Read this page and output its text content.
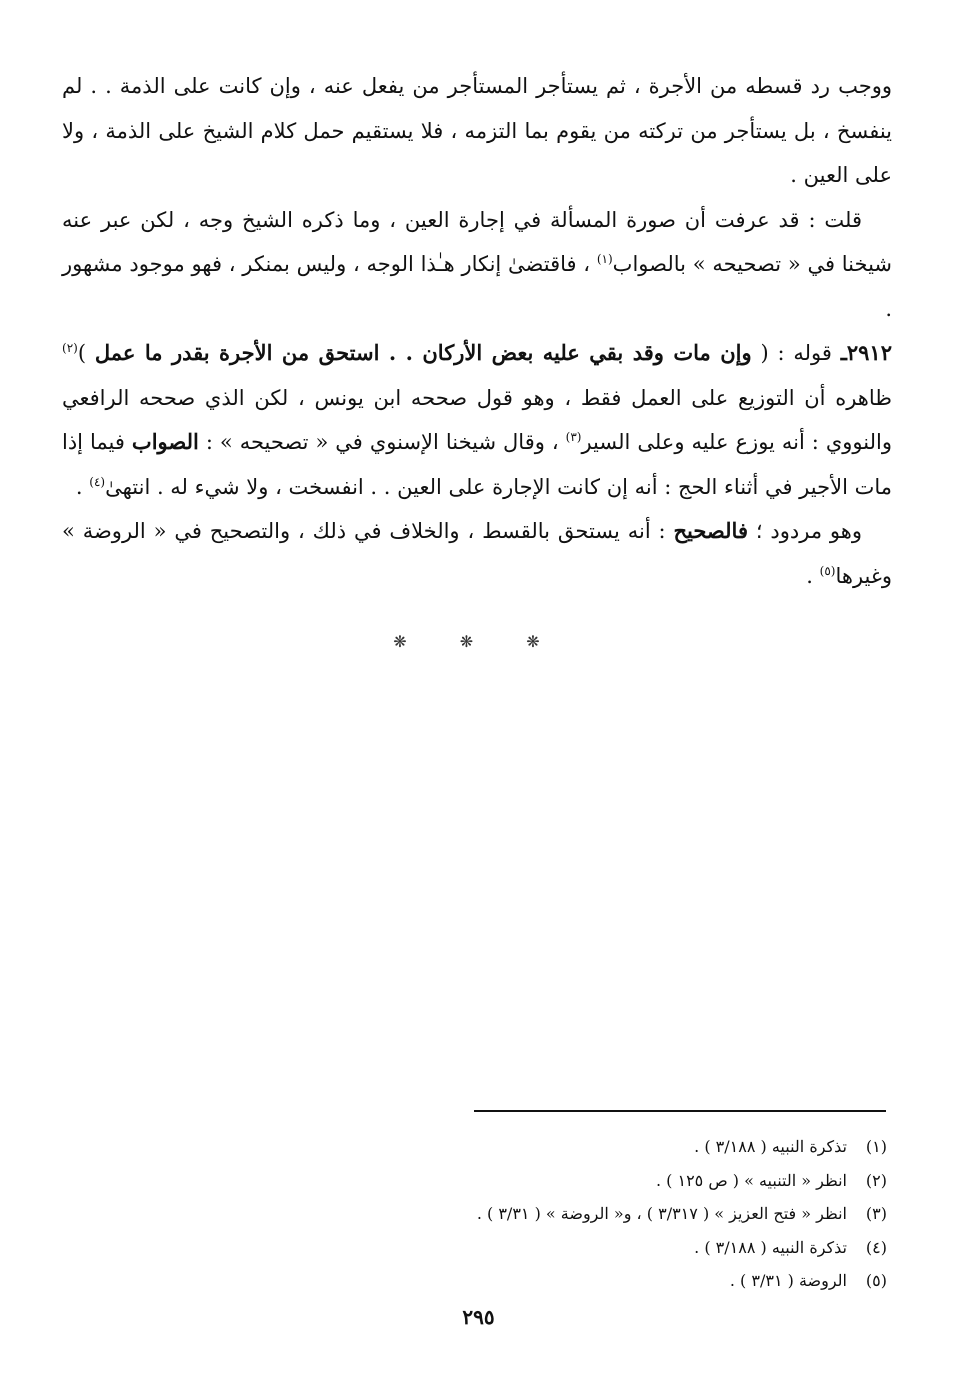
ووجب رد قسطه من الأجرة ، ثم يستأجر المستأجر من يفعل عنه ، وإن كانت على الذمة . . لم ينفسخ ، بل يستأجر من تركته من يقوم بما التزمه ، فلا يستقيم حمل كلام الشيخ على الذمة ، ولا على العين .

قلت : قد عرفت أن صورة المسألة في إجارة العين ، وما ذكره الشيخ وجه ، لكن عبر عنه شيخنا في « تصحيحه » بالصواب$^{(١)}$ ، فاقتضىٰ إنكار هـٰذا الوجه ، وليس بمنكر ، فهو موجود مشهور .

٢٩١٢ـ قوله : ( وإن مات وقد بقي عليه بعض الأركان . . استحق من الأجرة بقدر ما عمل )$^{(٢)}$ ظاهره أن التوزيع على العمل فقط ، وهو قول صححه ابن يونس ، لكن الذي صححه الرافعي والنووي : أنه يوزع عليه وعلى السير$^{(٣)}$ ، وقال شيخنا الإسنوي في « تصحيحه » : الصواب فيما إذا مات الأجير في أثناء الحج : أنه إن كانت الإجارة على العين . . انفسخت ، ولا شيء له . انتهىٰ$^{(٤)}$ .

وهو مردود ؛ فالصحيح : أنه يستحق بالقسط ، والخلاف في ذلك ، والتصحيح في « الروضة » وغيرها$^{(٥)}$ .

❋ ❋ ❋
(١)تذكرة النبيه ( ٣/١٨٨ ) .
(٢)انظر « التنبيه » ( ص ١٢٥ ) .
(٣)انظر « فتح العزيز » ( ٣/٣١٧ ) ، و« الروضة » ( ٣/٣١ ) .
(٤)تذكرة النبيه ( ٣/١٨٨ ) .
(٥)الروضة ( ٣/٣١ ) .
٢٩٥
